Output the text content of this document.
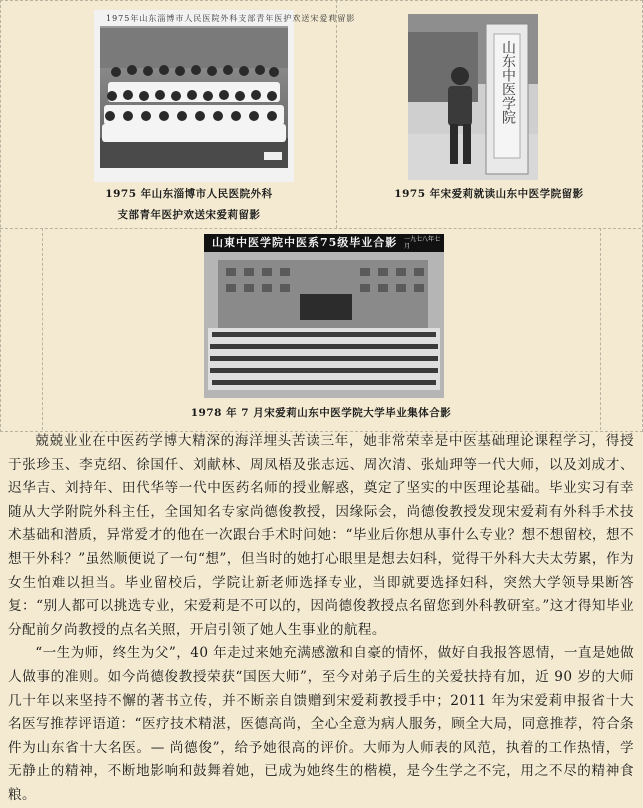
1975年山东淄博市人民医院外科支部青年医护欢送宋爱莉留影
1975 年山东淄博市人民医院外科
支部青年医护欢送宋爱莉留影
山东中医学院
1975 年宋爱莉就读山东中医学院留影
山東中医学院中医系75级毕业合影	一九七八年七月
1978 年 7 月宋爱莉山东中医学院大学毕业集体合影

兢兢业业在中医药学博大精深的海洋埋头苦读三年，她非常荣幸是中医基础理论课程学习，得授于张珍玉、李克绍、徐国仟、刘献林、周凤梧及张志远、周次清、张灿玾等一代大师，以及刘成才、迟华吉、刘持年、田代华等一代中医药名师的授业解惑，奠定了坚实的中医理论基础。毕业实习有幸随从大学附院外科主任，全国知名专家尚德俊教授，因缘际会，尚德俊教授发现宋爱莉有外科手术技术基础和潜质，异常爱才的他在一次跟台手术时问她：“毕业后你想从事什么专业？想不想留校，想不想干外科？”虽然顺便说了一句“想”，但当时的她打心眼里是想去妇科，觉得干外科大夫太劳累，作为女生怕难以担当。毕业留校后，学院让新老师选择专业，当即就要选择妇科，突然大学领导果断答复：“别人都可以挑选专业，宋爱莉是不可以的，因尚德俊教授点名留您到外科教研室。”这才得知毕业分配前夕尚教授的点名关照，开启引领了她人生事业的航程。

“一生为师，终生为父”，40 年走过来她充满感激和自豪的情怀，做好自我报答恩情，一直是她做人做事的准则。如今尚德俊教授荣获“国医大师”，至今对弟子后生的关爱扶持有加，近 90 岁的大师几十年以来坚持不懈的著书立传，并不断亲自馈赠到宋爱莉教授手中；2011 年为宋爱莉申报省十大名医写推荐评语道：“医疗技术精湛，医德高尚，全心全意为病人服务，顾全大局，同意推荐，符合条件为山东省十大名医。— 尚德俊”，给予她很高的评价。大师为人师表的风范，执着的工作热情，学无静止的精神，不断地影响和鼓舞着她，已成为她终生的楷模，是今生学之不完，用之不尽的精神食粮。
